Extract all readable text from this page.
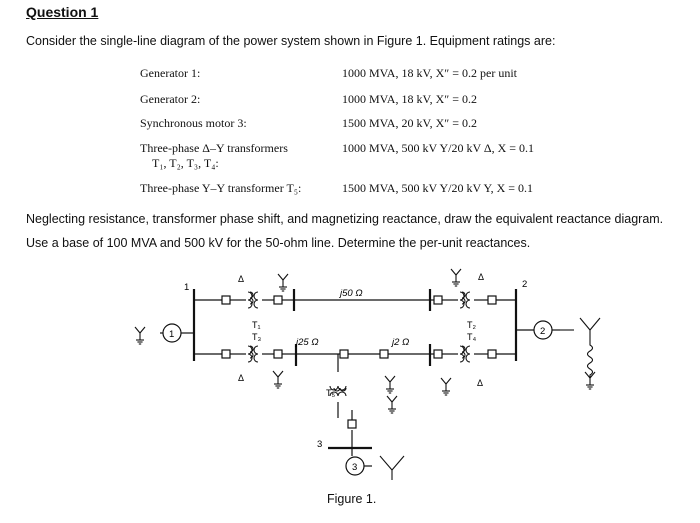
Question 1
Consider the single-line diagram of the power system shown in Figure 1. Equipment ratings are:
Generator 1:	1000 MVA, 18 kV, X″ = 0.2 per unit
Generator 2:	1000 MVA, 18 kV, X″ = 0.2
Synchronous motor 3:	1500 MVA, 20 kV, X″ = 0.2
Three-phase Δ–Y transformers
T₁, T₂, T₃, T₄:
1000 MVA, 500 kV Y/20 kV Δ, X = 0.1
Three-phase Y–Y transformer T₅:	1500 MVA, 500 kV Y/20 kV Y, X = 0.1
Neglecting resistance, transformer phase shift, and magnetizing reactance, draw the equivalent reactance diagram.
Use a base of 100 MVA and 500 kV for the 50-ohm line. Determine the per-unit reactances.
1	2
3
T₁
T₃
T₂
T₄
T₅
j50 Ω
j25 Ω	j2 Ω
1	2
3
Δ
Δ
Δ
Δ
Figure 1.
